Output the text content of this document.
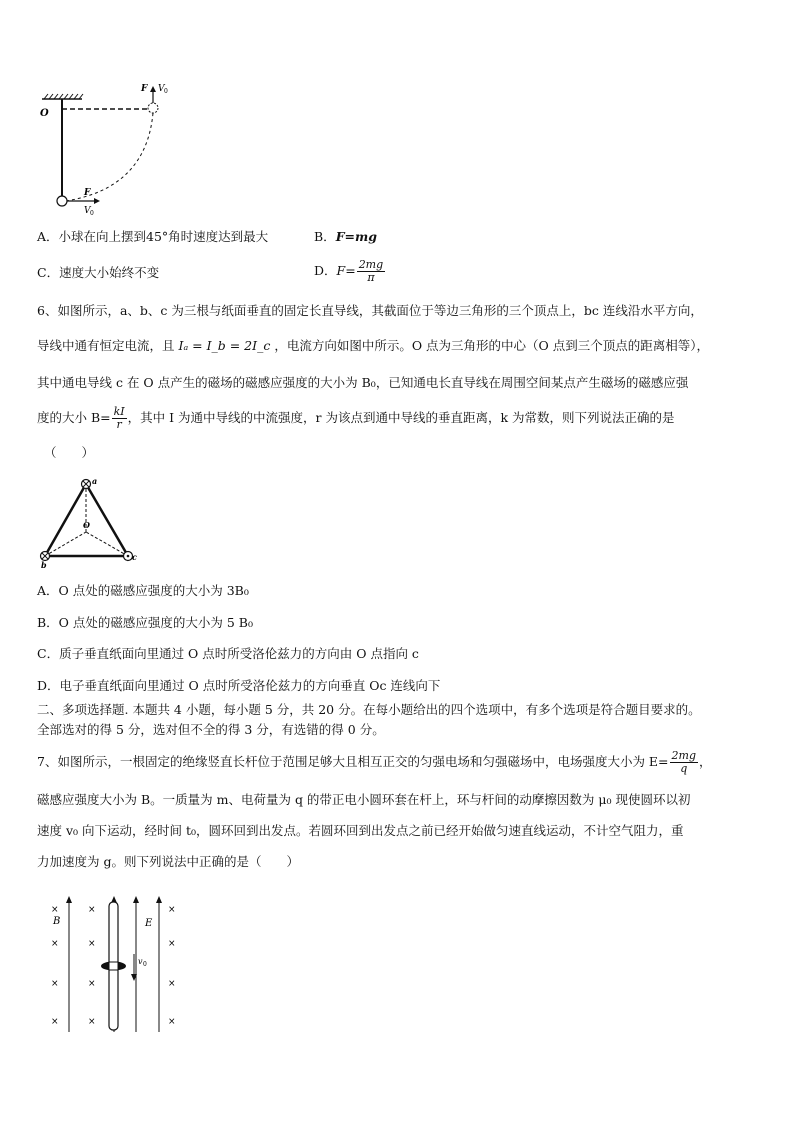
O
F V 0
F
V 0
A．小球在向上摆到45°角时速度达到最大	B．F=mg
C．速度大小始终不变	D．$F= \frac{2mg}{\pi}$
6、如图所示，a、b、c 为三根与纸面垂直的固定长直导线，其截面位于等边三角形的三个顶点上，bc 连线沿水平方向，
导线中通有恒定电流，且 Iₐ = I_b = 2I_c ，电流方向如图中所示。O 点为三角形的中心（O 点到三个顶点的距离相等），
其中通电导线 c 在 O 点产生的磁场的磁感应强度的大小为 B₀，已知通电长直导线在周围空间某点产生磁场的磁感应强
度的大小 $B= \frac{kI}{r}$ ，其中 I 为通中导线的中流强度，r 为该点到通中导线的垂直距离，k 为常数，则下列说法正确的是
（　　）
a
b
c
O
A．O 点处的磁感应强度的大小为 3B₀
B．O 点处的磁感应强度的大小为 5 B₀
C．质子垂直纸面向里通过 O 点时所受洛伦兹力的方向由 O 点指向 c
D．电子垂直纸面向里通过 O 点时所受洛伦兹力的方向垂直 Oc 连线向下
二、多项选择题. 本题共 4 小题，每小题 5 分，共 20 分。在每小题给出的四个选项中，有多个选项是符合题目要求的。
全部选对的得 5 分，选对但不全的得 3 分，有选错的得 0 分。
7、如图所示，一根固定的绝缘竖直长杆位于范围足够大且相互正交的匀强电场和匀强磁场中，电场强度大小为 $E= \frac{2mg}{q}$ ，
磁感应强度大小为 B。一质量为 m、电荷量为 q 的带正电小圆环套在杆上，环与杆间的动摩擦因数为 μ₀ 现使圆环以初
速度 v₀ 向下运动，经时间 t₀，圆环回到出发点。若圆环回到出发点之前已经开始做匀速直线运动，不计空气阻力，重
力加速度为 g。则下列说法中正确的是（　　）
v 0
B	E
×	×	×
×	×	×
×	×	×
×	×	×
